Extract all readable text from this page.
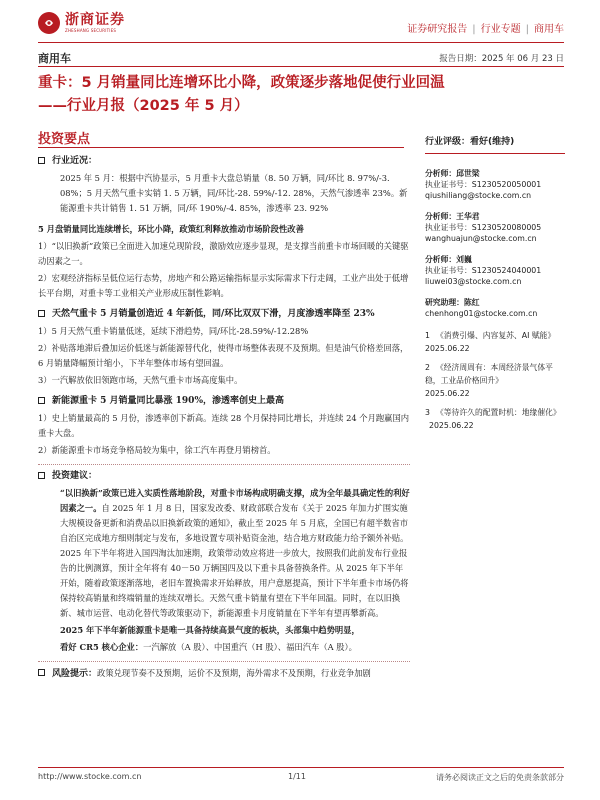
浙商证券
ZHESHANG SECURITIES	证券研究报告 | 行业专题 | 商用车
商用车	报告日期：2025 年 06 月 23 日
重卡：5 月销量同比连增环比小降，政策逐步落地促使行业回温
——行业月报（2025 年 5 月）
投资要点
行业近况：
2025 年 5 月：根据中汽协显示，5 月重卡大盘总销量（8. 50 万辆，同/环比 8. 97%/-3. 08%；5 月天然气重卡实销 1. 5 万辆，同/环比-28. 59%/-12. 28%，天然气渗透率 23%。新能源重卡共计销售 1. 51 万辆，同/环 190%/-4. 85%，渗透率 23. 92%
5 月盘销量同比连续增长，环比小降，政策红利释放推动市场阶段性改善
1）“以旧换新”政策已全面进入加速兑现阶段，激励效应逐步显现，是支撑当前重卡市场回暖的关键驱动因素之一。
2）宏观经济指标呈低位运行态势，房地产和公路运输指标显示实际需求下行走阔，工业产出处于低增长平台期，对重卡等工业相关产业形成压制性影响。
天然气重卡 5 月销量创造近 4 年新低，同/环比双双下滑，月度渗透率降至 23%
1）5 月天然气重卡销量低迷，延续下滑趋势，同/环比-28.59%/-12.28%
2）补贴落地滞后叠加运价低迷与新能源替代化，使得市场整体表现不及预期。但是油气价格差回落，6 月销量降幅预计缩小，下半年整体市场有望回温。
3）一汽解放依旧领跑市场，天然气重卡市场高度集中。
新能源重卡 5 月销量同比暴涨 190%，渗透率创史上最高
1）史上销量最高的 5 月份，渗透率创下新高。连续 28 个月保持同比增长，并连续 24 个月跑赢国内重卡大盘。
2）新能源重卡市场竞争格局较为集中，徐工汽车再登月销榜首。
投资建议：
“以旧换新”政策已进入实质性落地阶段，对重卡市场构成明确支撑，成为全年最具确定性的利好因素之一。自 2025 年 1 月 8 日，国家发改委、财政部联合发布《关于 2025 年加力扩围实施大规模设备更新和消费品以旧换新政策的通知》，截止至 2025 年 5 月底，全国已有超半数省市自治区完成地方细则制定与发布，多地设置专项补贴资金池，结合地方财政能力给予额外补贴。2025 年下半年将进入国四淘汰加速期，政策带动效应将进一步放大，按照我们此前发布行业报告的比例测算，预计全年将有 40－50 万辆国四及以下重卡具备替换条件。从 2025 年下半年开始，随着政策逐渐落地，老旧车置换需求开始释放，用户意愿提高，预计下半年重卡市场仍将保持较高销量和终端销量的连续双增长。天然气重卡销量有望在下半年回温。同时，在以旧换新、城市运营、电动化替代等政策驱动下，新能源重卡月度销量在下半年有望再攀新高。
2025 年下半年新能源重卡是唯一具备持续高景气度的板块，头部集中趋势明显，
看好 CR5 核心企业：一汽解放（A 股）、中国重汽（H 股）、福田汽车（A 股）。
风险提示：政策兑现节奏不及预期，运价不及预期，海外需求不及预期，行业竞争加剧
行业评级：看好(维持)
分析师：邱世梁
执业证书号：S1230520050001
qiushiliang@stocke.com.cn
分析师：王华君
执业证书号：S1230520080005
wanghuajun@stocke.com.cn
分析师：刘巍
执业证书号：S1230524040001
liuwei03@stocke.com.cn
研究助理：陈红
chenhong01@stocke.com.cn
1 《消费引爆、内容复苏、AI 赋能》
2025.06.22
2 《经济周周有：本周经济景气体平稳，工业品价格回升》
2025.06.22
3 《等待许久的配置时机：地缘催化》2025.06.22
http://www.stocke.com.cn	1/11	请务必阅读正文之后的免责条款部分
